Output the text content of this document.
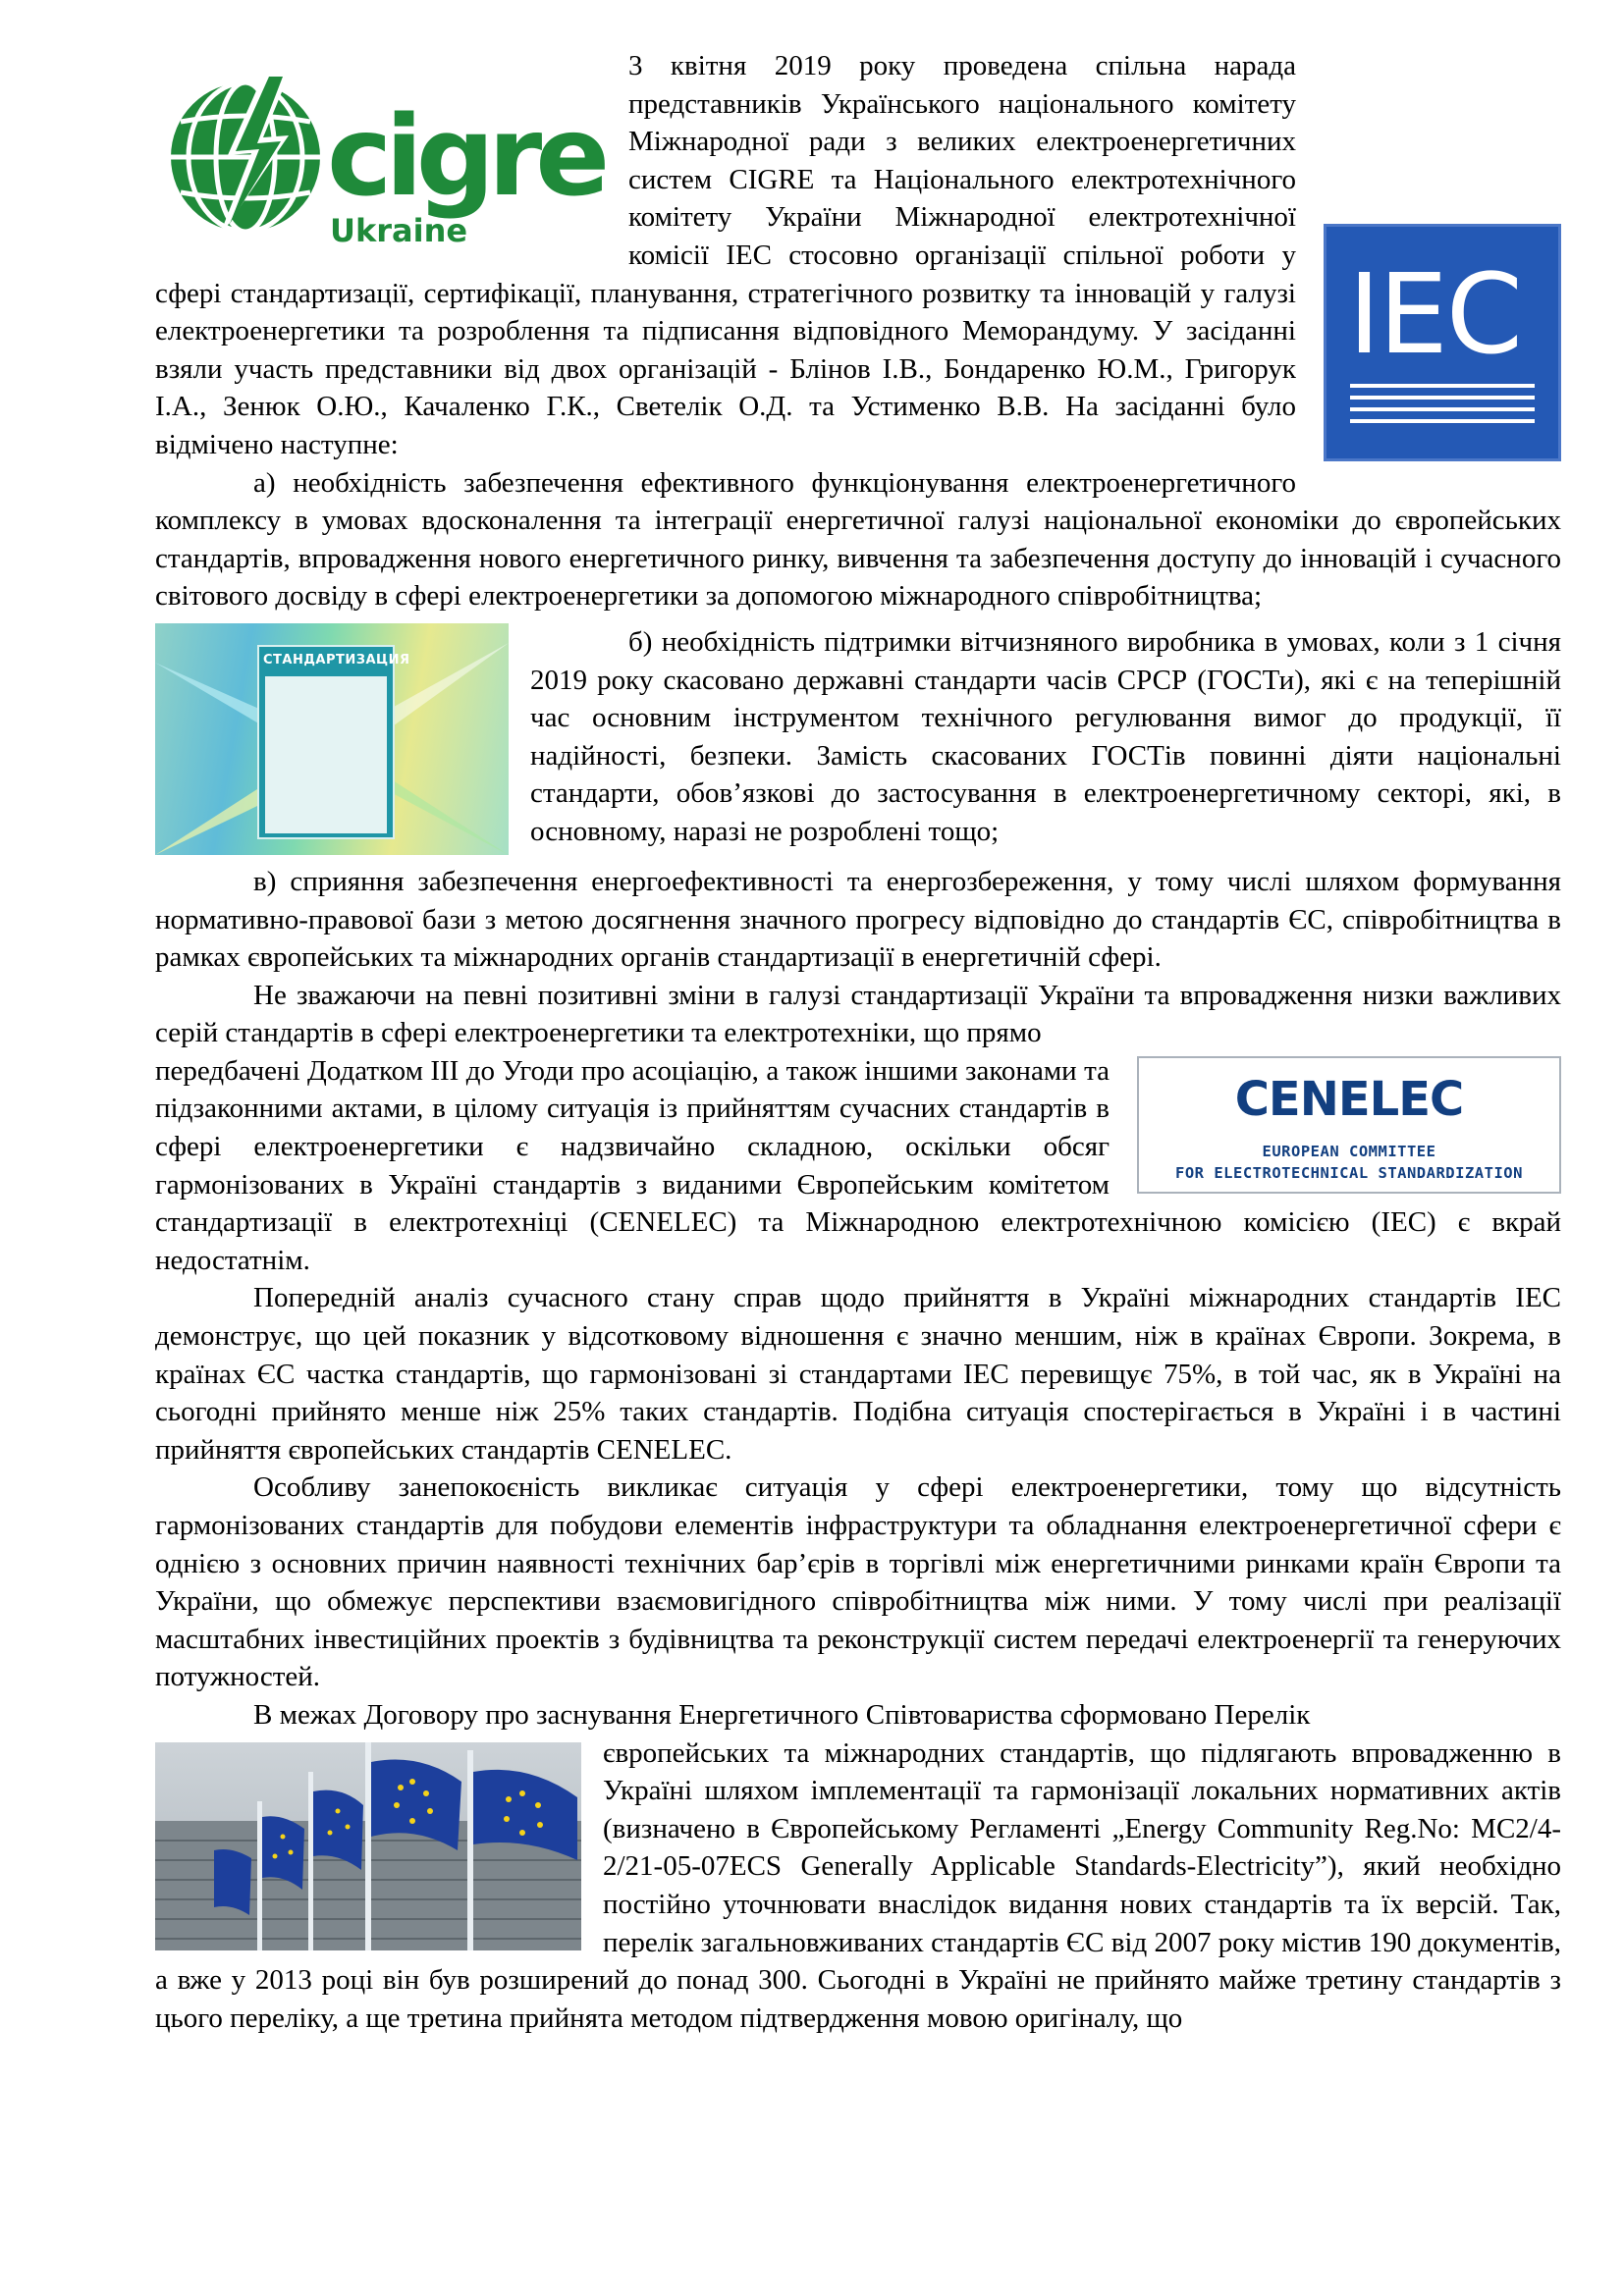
cigre
Ukraine
IEC

3 квітня 2019 року проведена спільна нарада представників Українського національного комітету Міжнародної ради з великих електроенергетичних систем CIGRE та Національного електротехнічного комітету України Міжнародної електротехнічної комісії IEC стосовно організації спільної роботи у сфері стандартизації, сертифікації, планування, стратегічного розвитку та інновацій у галузі електроенергетики та розроблення та підписання відповідного Меморандуму. У засіданні взяли участь представники від двох організацій - Блінов І.В., Бондаренко Ю.М., Григорук І.А., Зенюк О.Ю., Качаленко Г.К., Светелік О.Д. та Устименко В.В. На засіданні було відмічено наступне:

а) необхідність забезпечення ефективного функціонування електроенергетичного комплексу в умовах вдосконалення та інтеграції енергетичної галузі національної економіки до європейських стандартів, впровадження нового енергетичного ринку, вивчення та забезпечення доступу до інновацій і сучасного світового досвіду в сфері електроенергетики за допомогою міжнародного співробітництва;

СТАНДАРТИЗАЦИЯ

б) необхідність підтримки вітчизняного виробника в умовах, коли з 1 січня 2019 року скасовано державні стандарти часів СРСР (ГОСТи), які є на теперішній час основним інструментом технічного регулювання вимог до продукції, її надійності, безпеки. Замість скасованих ГОСТів повинні діяти національні стандарти, обов’язкові до застосування в електроенергетичному секторі, які, в основному, наразі не розроблені тощо;

в) сприяння забезпечення енергоефективності та енергозбереження, у тому числі шляхом формування нормативно-правової бази з метою досягнення значного прогресу відповідно до стандартів ЄС, співробітництва в рамках європейських та міжнародних органів стандартизації в енергетичній сфері.

Не зважаючи на певні позитивні зміни в галузі стандартизації України та впровадження низки важливих серій стандартів в сфері електроенергетики та електротехніки, що прямо

CENELEC
EUROPEAN COMMITTEE
FOR ELECTROTECHNICAL STANDARDIZATION

передбачені Додатком ІІІ до Угоди про асоціацію, а також іншими законами та підзаконними актами, в цілому ситуація із прийняттям сучасних стандартів в сфері електроенергетики є надзвичайно складною, оскільки обсяг гармонізованих в Україні стандартів з виданими Європейським комітетом стандартизації в електротехніці (CENELEC) та Міжнародною електротехнічною комісією (IEC) є вкрай недостатнім.

Попередній аналіз сучасного стану справ щодо прийняття в Україні міжнародних стандартів IEC демонструє, що цей показник у відсотковому відношення є значно меншим, ніж в країнах Європи. Зокрема, в країнах ЄС частка стандартів, що гармонізовані зі стандартами IEC перевищує 75%, в той час, як в Україні на сьогодні прийнято менше ніж 25% таких стандартів. Подібна ситуація спостерігається в Україні і в частині прийняття європейських стандартів CENELEC.

Особливу занепокоєність викликає ситуація у сфері електроенергетики, тому що відсутність гармонізованих стандартів для побудови елементів інфраструктури та обладнання електроенергетичної сфери є однією з основних причин наявності технічних бар’єрів в торгівлі між енергетичними ринками країн Європи та України, що обмежує перспективи взаємовигідного співробітництва між ними. У тому числі при реалізації масштабних інвестиційних проектів з будівництва та реконструкції систем передачі електроенергії та генеруючих потужностей.

В межах Договору про заснування Енергетичного Співтовариства сформовано Перелік

європейських та міжнародних стандартів, що підлягають впровадженню в Україні шляхом імплементації та гармонізації локальних нормативних актів (визначено в Європейському Регламенті „Energy Community Reg.No: MC2/4-2/21-05-07ECS Generally Applicable Standards-Electricity”), який необхідно постійно уточнювати внаслідок видання нових стандартів та їх версій. Так, перелік загальновживаних стандартів ЄС від 2007 року містив 190 документів, а вже у 2013 році він був розширений до понад 300. Сьогодні в Україні не прийнято майже третину стандартів з цього переліку, а ще третина прийнята методом підтвердження мовою оригіналу, що
